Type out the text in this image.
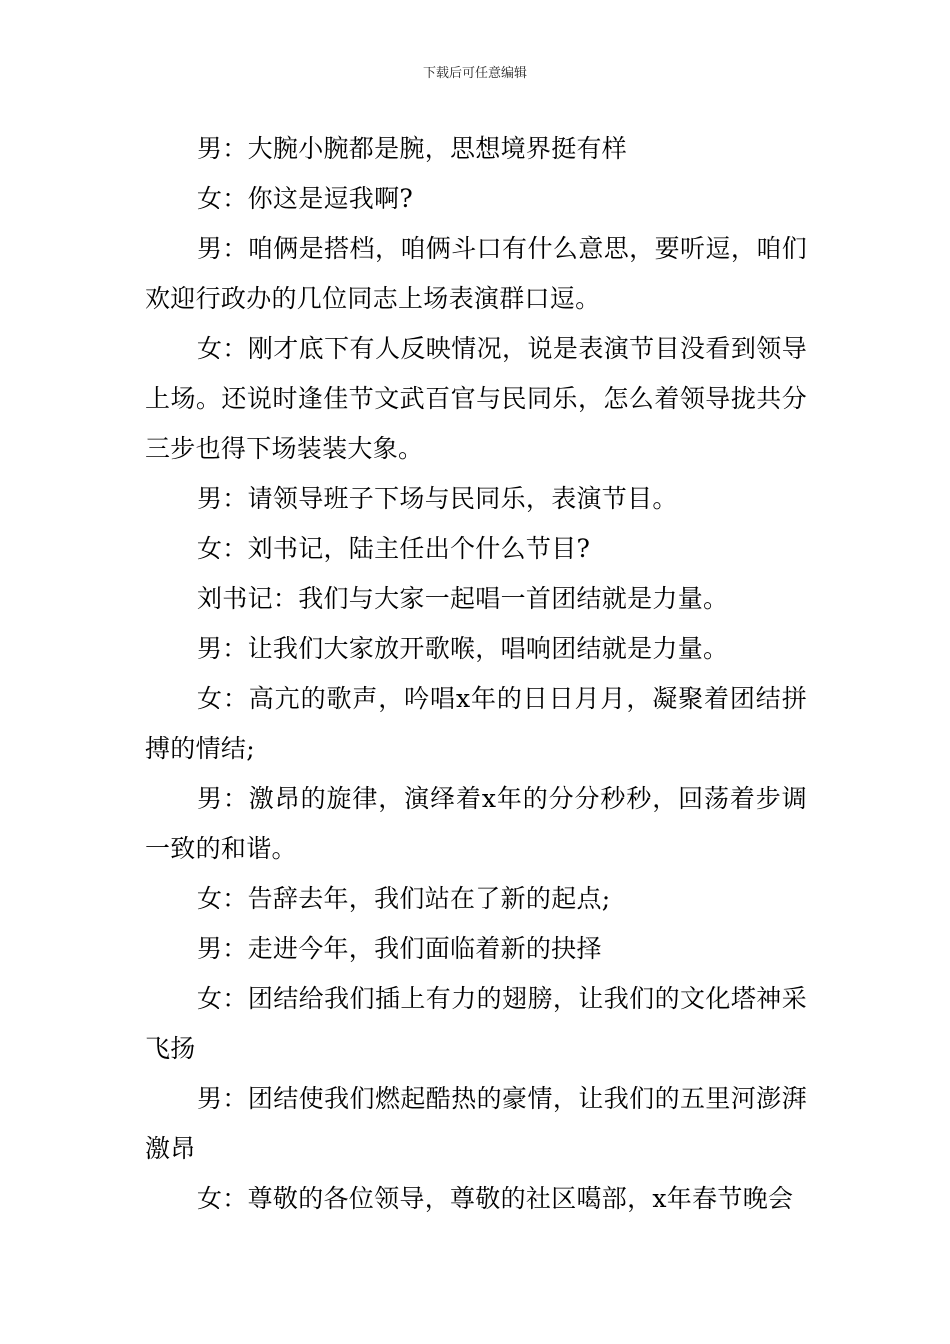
下载后可任意编辑

男：大腕小腕都是腕，思想境界挺有样

女：你这是逗我啊?

男：咱俩是搭档，咱俩斗口有什么意思，要听逗，咱们欢迎行政办的几位同志上场表演群口逗。

女：刚才底下有人反映情况，说是表演节目没看到领导上场。还说时逢佳节文武百官与民同乐，怎么着领导拢共分三步也得下场装装大象。

男：请领导班子下场与民同乐，表演节目。

女：刘书记，陆主任出个什么节目?

刘书记：我们与大家一起唱一首团结就是力量。

男：让我们大家放开歌喉，唱响团结就是力量。

女：高亢的歌声，吟唱x年的日日月月，凝聚着团结拼搏的情结;

男：激昂的旋律，演绎着x年的分分秒秒，回荡着步调一致的和谐。

女：告辞去年，我们站在了新的起点;

男：走进今年，我们面临着新的抉择

女：团结给我们插上有力的翅膀，让我们的文化塔神采飞扬

男：团结使我们燃起酷热的豪情，让我们的五里河澎湃激昂

女：尊敬的各位领导，尊敬的社区噶部，x年春节晚会
